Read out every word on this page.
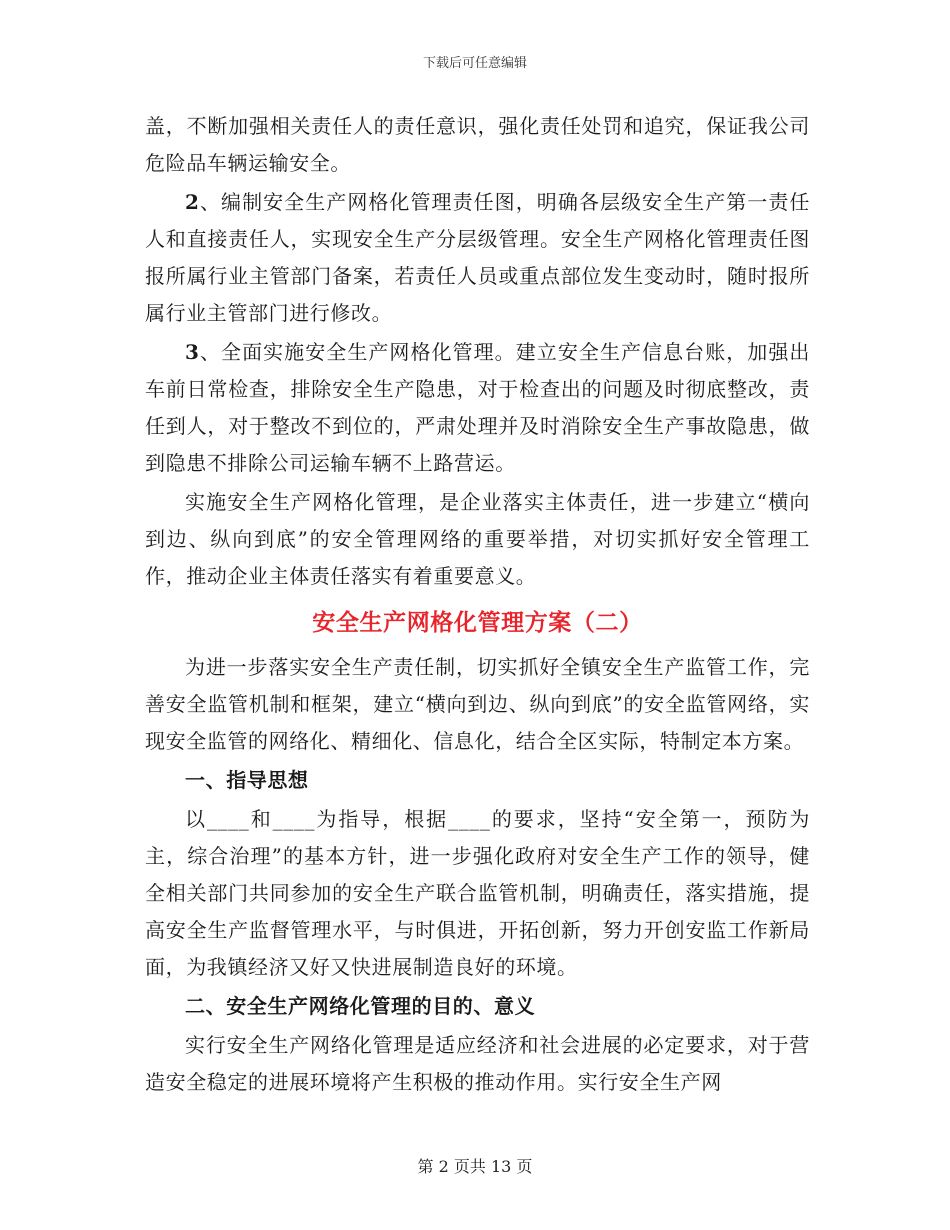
下载后可任意编辑

盖，不断加强相关责任人的责任意识，强化责任处罚和追究，保证我公司危险品车辆运输安全。

2、编制安全生产网格化管理责任图，明确各层级安全生产第一责任人和直接责任人，实现安全生产分层级管理。安全生产网格化管理责任图报所属行业主管部门备案，若责任人员或重点部位发生变动时，随时报所属行业主管部门进行修改。

3、全面实施安全生产网格化管理。建立安全生产信息台账，加强出车前日常检查，排除安全生产隐患，对于检查出的问题及时彻底整改，责任到人，对于整改不到位的，严肃处理并及时消除安全生产事故隐患，做到隐患不排除公司运输车辆不上路营运。

实施安全生产网格化管理，是企业落实主体责任，进一步建立“横向到边、纵向到底”的安全管理网络的重要举措，对切实抓好安全管理工作，推动企业主体责任落实有着重要意义。

安全生产网格化管理方案（二）

为进一步落实安全生产责任制，切实抓好全镇安全生产监管工作，完善安全监管机制和框架，建立“横向到边、纵向到底”的安全监管网络，实现安全监管的网络化、精细化、信息化，结合全区实际，特制定本方案。

一、指导思想

以____和____为指导，根据____的要求，坚持“安全第一，预防为主，综合治理”的基本方针，进一步强化政府对安全生产工作的领导，健全相关部门共同参加的安全生产联合监管机制，明确责任，落实措施，提高安全生产监督管理水平，与时俱进，开拓创新，努力开创安监工作新局面，为我镇经济又好又快进展制造良好的环境。

二、安全生产网络化管理的目的、意义

实行安全生产网络化管理是适应经济和社会进展的必定要求，对于营造安全稳定的进展环境将产生积极的推动作用。实行安全生产网

第 2 页共 13 页
